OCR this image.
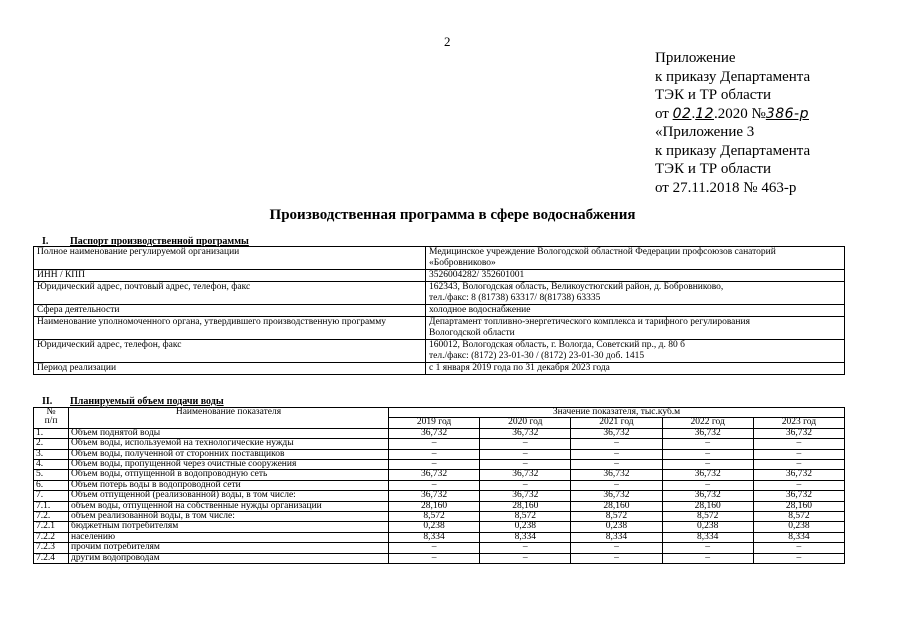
2
Приложение
к приказу Департамента
ТЭК и ТР области
от 02.12.2020 №386-р
«Приложение 3
к приказу Департамента
ТЭК и ТР области
от 27.11.2018 № 463-р
Производственная программа в сфере водоснабжения
I. Паспорт производственной программы
Полное наименование регулируемой организации	Медицинское учреждение Вологодской областной Федерации профсоюзов санаторий
«Бобровниково»

ИНН / КПП	3526004282/ 352601001

Юридический адрес, почтовый адрес, телефон, факс	162343, Вологодская область, Великоустюгский район, д. Бобровниково,
тел./факс: 8 (81738) 63317/ 8(81738) 63335

Сфера деятельности	холодное водоснабжение

Наименование уполномоченного органа, утвердившего производственную программу	Департамент топливно-энергетического комплекса и тарифного регулирования
Вологодской области

Юридический адрес, телефон, факс	160012, Вологодская область, г. Вологда, Советский пр., д. 80 б
тел./факс: (8172) 23-01-30 / (8172) 23-01-30 доб. 1415

Период реализации	с 1 января 2019 года по 31 декабря 2023 года
II. Планируемый объем подачи воды
№
п/п	Наименование показателя	Значение показателя, тыс.куб.м				
		2019 год	2020 год	2021 год	2022 год	2023 год
1.	Объем поднятой воды	36,732	36,732	36,732	36,732	36,732
2.	Объем воды, используемой на технологические нужды	–	–	–	–	–
3.	Объем воды, полученной от сторонних поставщиков	–	–	–	–	–
4.	Объем воды, пропущенной через очистные сооружения	–	–	–	–	–
5.	Объем воды, отпущенной в водопроводную сеть	36,732	36,732	36,732	36,732	36,732
6.	Объем потерь воды в водопроводной сети	–	–	–	–	–
7.	Объем отпущенной (реализованной) воды, в том числе:	36,732	36,732	36,732	36,732	36,732
7.1.	объем воды, отпущенной на собственные нужды организации	28,160	28,160	28,160	28,160	28,160
7.2.	объем реализованной воды, в том числе:	8,572	8,572	8,572	8,572	8,572
7.2.1	бюджетным потребителям	0,238	0,238	0,238	0,238	0,238
7.2.2	населению	8,334	8,334	8,334	8,334	8,334
7.2.3	прочим потребителям	–	–	–	–	–
7.2.4	другим водопроводам	–	–	–	–	–
